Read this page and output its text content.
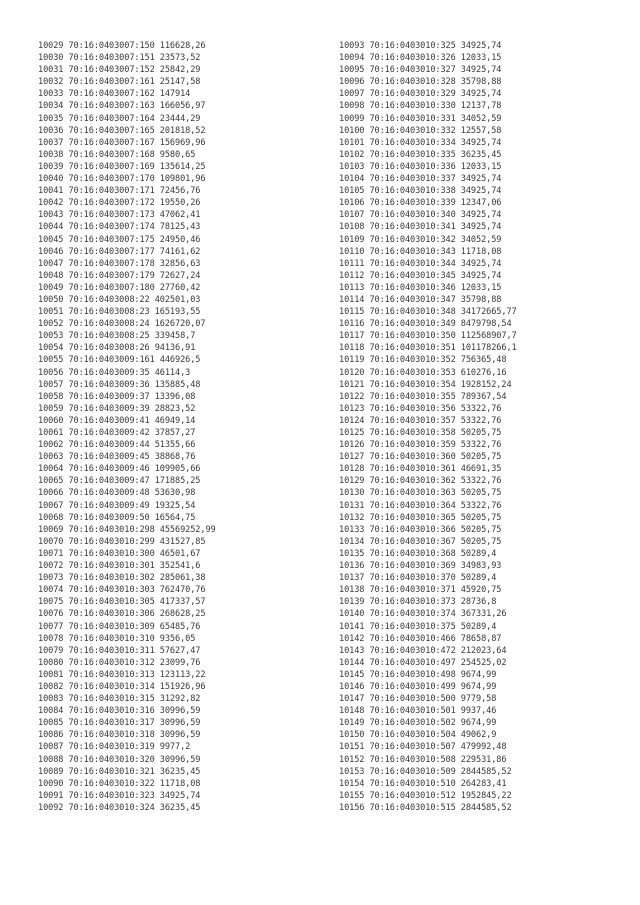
10029 70:16:0403007:150 116628,26
10030 70:16:0403007:151 23573,52
10031 70:16:0403007:152 25842,29
10032 70:16:0403007:161 25147,58
10033 70:16:0403007:162 147914
10034 70:16:0403007:163 166056,97
10035 70:16:0403007:164 23444,29
10036 70:16:0403007:165 201818,52
10037 70:16:0403007:167 156969,96
10038 70:16:0403007:168 9580,65
10039 70:16:0403007:169 135614,25
10040 70:16:0403007:170 109801,96
10041 70:16:0403007:171 72456,76
10042 70:16:0403007:172 19550,26
10043 70:16:0403007:173 47062,41
10044 70:16:0403007:174 78125,43
10045 70:16:0403007:175 24950,46
10046 70:16:0403007:177 74161,62
10047 70:16:0403007:178 32856,63
10048 70:16:0403007:179 72627,24
10049 70:16:0403007:180 27760,42
10050 70:16:0403008:22 402501,03
10051 70:16:0403008:23 165193,55
10052 70:16:0403008:24 1626720,07
10053 70:16:0403008:25 339458,7
10054 70:16:0403008:26 94136,91
10055 70:16:0403009:161 446926,5
10056 70:16:0403009:35 46114,3
10057 70:16:0403009:36 135885,48
10058 70:16:0403009:37 13396,08
10059 70:16:0403009:39 28823,52
10060 70:16:0403009:41 46949,14
10061 70:16:0403009:42 37857,27
10062 70:16:0403009:44 51355,66
10063 70:16:0403009:45 38868,76
10064 70:16:0403009:46 109905,66
10065 70:16:0403009:47 171885,25
10066 70:16:0403009:48 53630,98
10067 70:16:0403009:49 19325,54
10068 70:16:0403009:50 16564,75
10069 70:16:0403010:298 45569252,99
10070 70:16:0403010:299 431527,85
10071 70:16:0403010:300 46501,67
10072 70:16:0403010:301 352541,6
10073 70:16:0403010:302 285061,38
10074 70:16:0403010:303 762470,76
10075 70:16:0403010:305 417337,57
10076 70:16:0403010:306 268628,25
10077 70:16:0403010:309 65485,76
10078 70:16:0403010:310 9356,05
10079 70:16:0403010:311 57627,47
10080 70:16:0403010:312 23099,76
10081 70:16:0403010:313 123113,22
10082 70:16:0403010:314 151926,96
10083 70:16:0403010:315 31292,82
10084 70:16:0403010:316 30996,59
10085 70:16:0403010:317 30996,59
10086 70:16:0403010:318 30996,59
10087 70:16:0403010:319 9977,2
10088 70:16:0403010:320 30996,59
10089 70:16:0403010:321 36235,45
10090 70:16:0403010:322 11718,08
10091 70:16:0403010:323 34925,74
10092 70:16:0403010:324 36235,45
10093 70:16:0403010:325 34925,74
10094 70:16:0403010:326 12033,15
10095 70:16:0403010:327 34925,74
10096 70:16:0403010:328 35798,88
10097 70:16:0403010:329 34925,74
10098 70:16:0403010:330 12137,78
10099 70:16:0403010:331 34052,59
10100 70:16:0403010:332 12557,58
10101 70:16:0403010:334 34925,74
10102 70:16:0403010:335 36235,45
10103 70:16:0403010:336 12033,15
10104 70:16:0403010:337 34925,74
10105 70:16:0403010:338 34925,74
10106 70:16:0403010:339 12347,06
10107 70:16:0403010:340 34925,74
10108 70:16:0403010:341 34925,74
10109 70:16:0403010:342 34052,59
10110 70:16:0403010:343 11718,08
10111 70:16:0403010:344 34925,74
10112 70:16:0403010:345 34925,74
10113 70:16:0403010:346 12033,15
10114 70:16:0403010:347 35798,88
10115 70:16:0403010:348 34172665,77
10116 70:16:0403010:349 8479798,54
10117 70:16:0403010:350 112568907,7
10118 70:16:0403010:351 101178266,1
10119 70:16:0403010:352 756365,48
10120 70:16:0403010:353 610276,16
10121 70:16:0403010:354 1928152,24
10122 70:16:0403010:355 789367,54
10123 70:16:0403010:356 53322,76
10124 70:16:0403010:357 53322,76
10125 70:16:0403010:358 50205,75
10126 70:16:0403010:359 53322,76
10127 70:16:0403010:360 50205,75
10128 70:16:0403010:361 46691,35
10129 70:16:0403010:362 53322,76
10130 70:16:0403010:363 50205,75
10131 70:16:0403010:364 53322,76
10132 70:16:0403010:365 50205,75
10133 70:16:0403010:366 50205,75
10134 70:16:0403010:367 50205,75
10135 70:16:0403010:368 50289,4
10136 70:16:0403010:369 34983,93
10137 70:16:0403010:370 50289,4
10138 70:16:0403010:371 45920,75
10139 70:16:0403010:373 28736,8
10140 70:16:0403010:374 367331,26
10141 70:16:0403010:375 50289,4
10142 70:16:0403010:466 78658,87
10143 70:16:0403010:472 212023,64
10144 70:16:0403010:497 254525,02
10145 70:16:0403010:498 9674,99
10146 70:16:0403010:499 9674,99
10147 70:16:0403010:500 9779,58
10148 70:16:0403010:501 9937,46
10149 70:16:0403010:502 9674,99
10150 70:16:0403010:504 49062,9
10151 70:16:0403010:507 479992,48
10152 70:16:0403010:508 229531,86
10153 70:16:0403010:509 2844585,52
10154 70:16:0403010:510 264283,41
10155 70:16:0403010:512 1952845,22
10156 70:16:0403010:515 2844585,52
